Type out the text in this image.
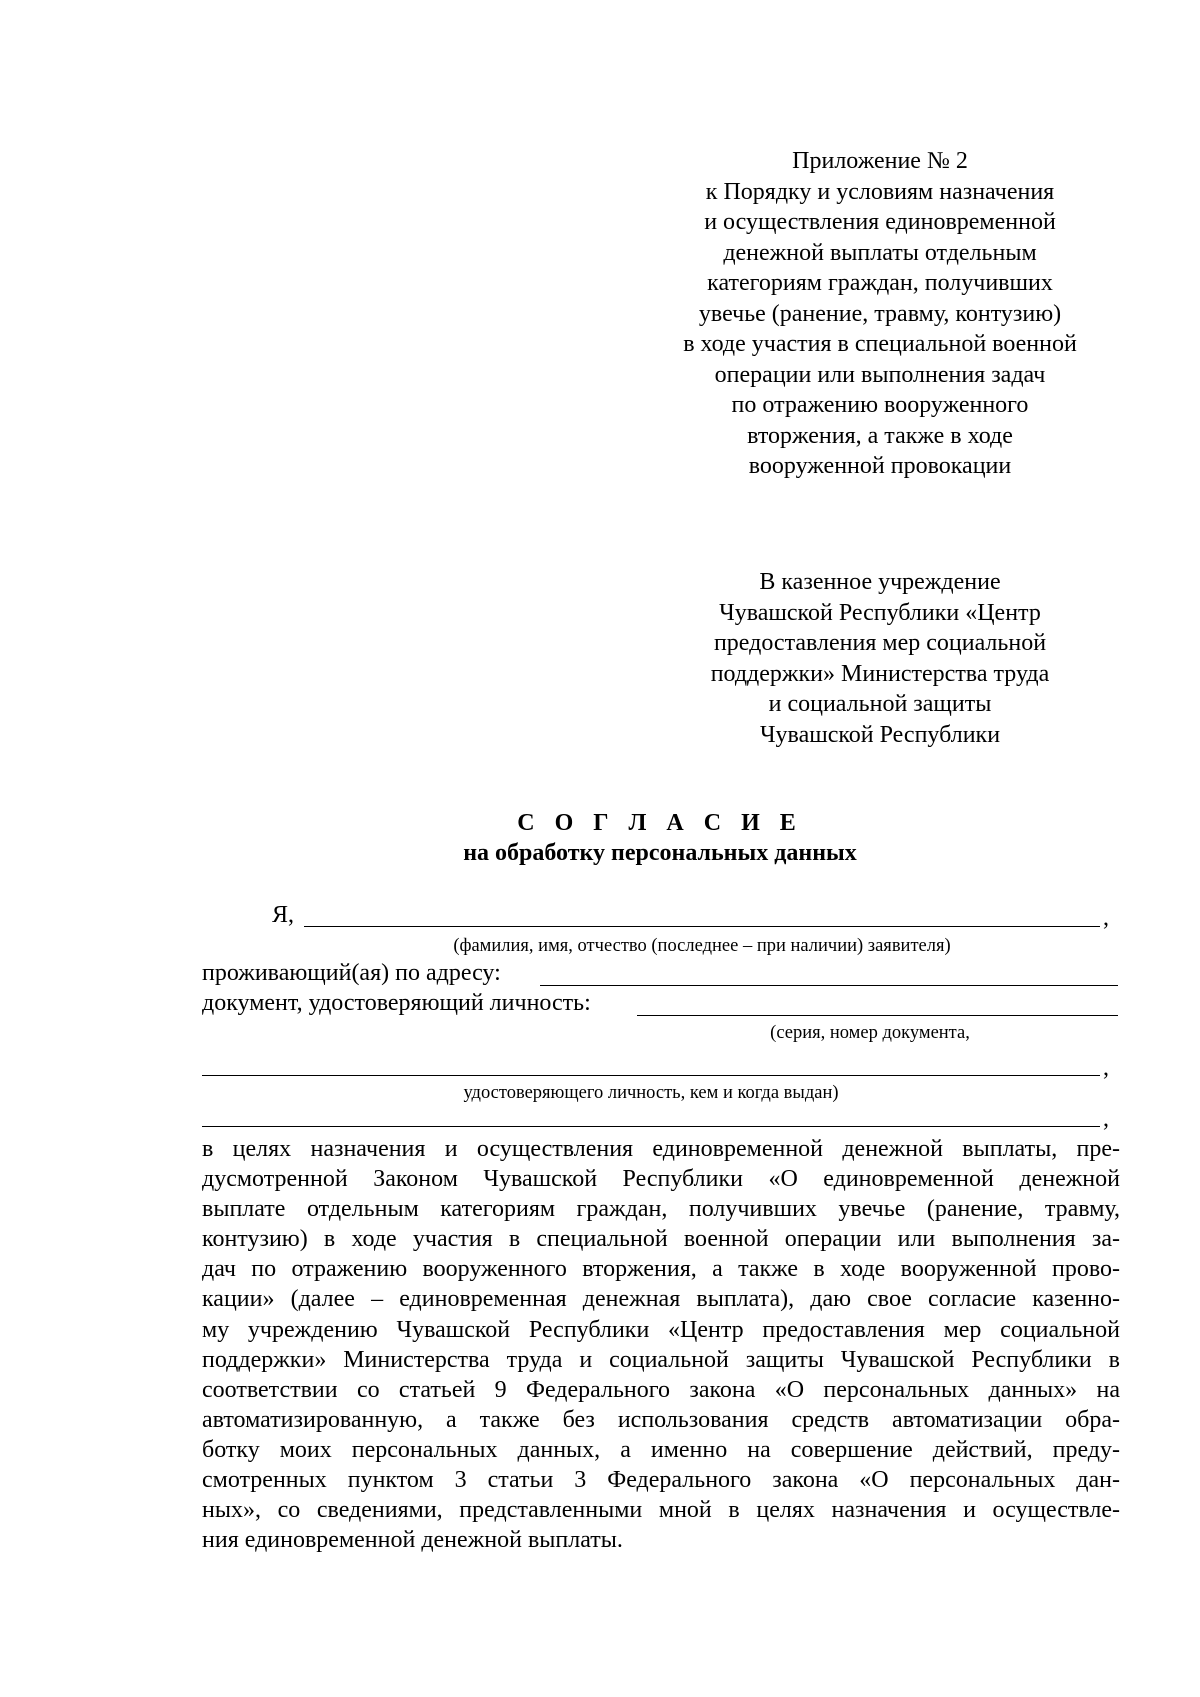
Приложение № 2
к Порядку и условиям назначения
и осуществления единовременной
денежной выплаты отдельным
категориям граждан, получивших
увечье (ранение, травму, контузию)
в ходе участия в специальной военной
операции или выполнения задач
по отражению вооруженного
вторжения, а также в ходе
вооруженной провокации
В казенное учреждение
Чувашской Республики «Центр
предоставления мер социальной
поддержки» Министерства труда
и социальной защиты
Чувашской Республики
С О Г Л А С И Е
на обработку персональных данных
Я,	,
(фамилия, имя, отчество (последнее – при наличии) заявителя)
проживающий(ая) по адресу:
документ, удостоверяющий личность:
(серия, номер документа,
,
удостоверяющего личность, кем и когда выдан)
,
в целях назначения и осуществления единовременной денежной выплаты, пре-
дусмотренной Законом Чувашской Республики «О единовременной денежной
выплате отдельным категориям граждан, получивших увечье (ранение, травму,
контузию) в ходе участия в специальной военной операции или выполнения за-
дач по отражению вооруженного вторжения, а также в ходе вооруженной прово-
кации» (далее – единовременная денежная выплата), даю свое согласие казенно-
му учреждению Чувашской Республики «Центр предоставления мер социальной
поддержки» Министерства труда и социальной защиты Чувашской Республики в
соответствии со статьей 9 Федерального закона «О персональных данных» на
автоматизированную, а также без использования средств автоматизации обра-
ботку моих персональных данных, а именно на совершение действий, преду-
смотренных пунктом 3 статьи 3 Федерального закона «О персональных дан-
ных», со сведениями, представленными мной в целях назначения и осуществле-
ния единовременной денежной выплаты.
